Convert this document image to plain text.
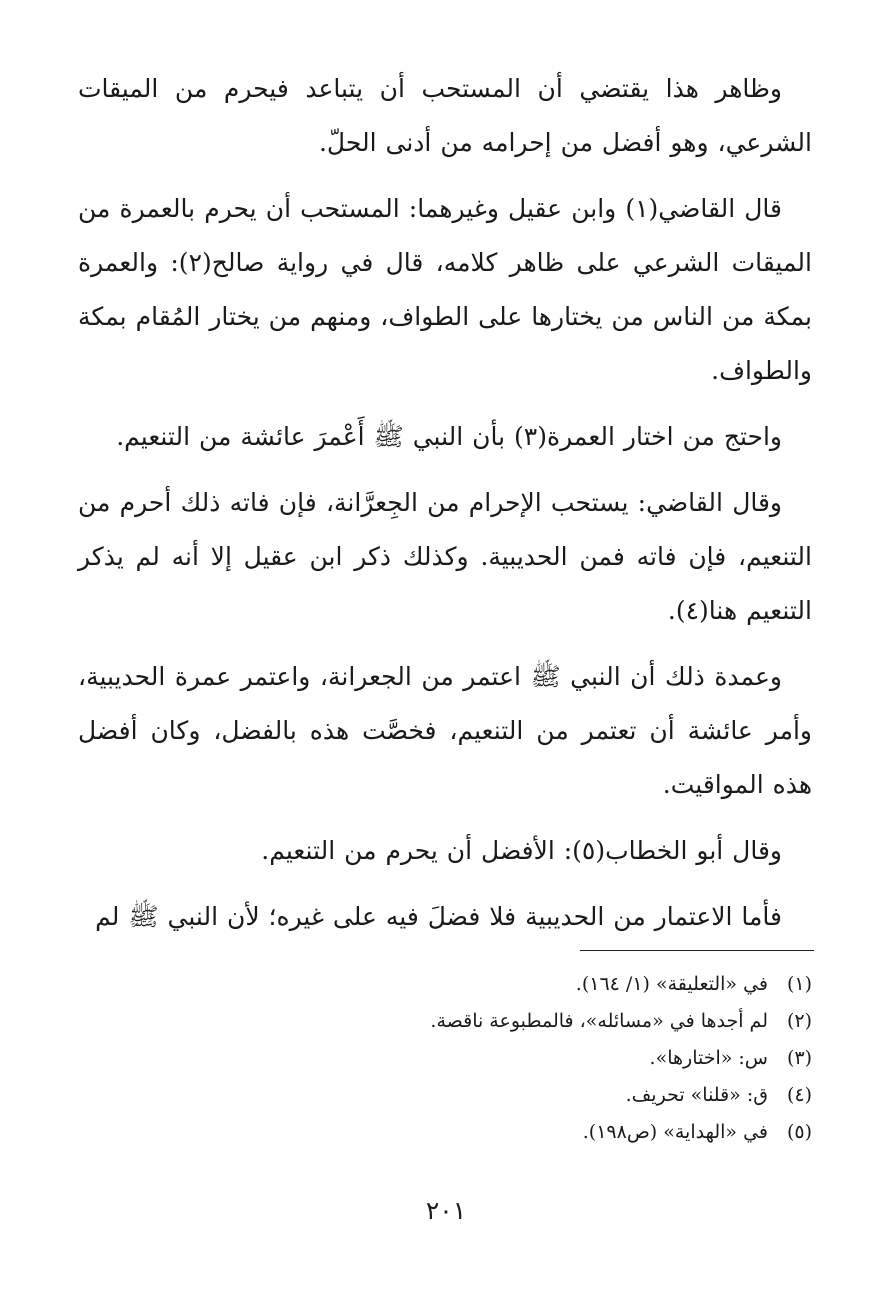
وظاهر هذا يقتضي أن المستحب أن يتباعد فيحرم من الميقات الشرعي، وهو أفضل من إحرامه من أدنى الحلّ.

قال القاضي(١) وابن عقيل وغيرهما: المستحب أن يحرم بالعمرة من الميقات الشرعي على ظاهر كلامه، قال في رواية صالح(٢): والعمرة بمكة من الناس من يختارها على الطواف، ومنهم من يختار المُقام بمكة والطواف.

واحتج من اختار العمرة(٣) بأن النبي ﷺ أَعْمرَ عائشة من التنعيم.

وقال القاضي: يستحب الإحرام من الجِعرَّانة، فإن فاته ذلك أحرم من التنعيم، فإن فاته فمن الحديبية. وكذلك ذكر ابن عقيل إلا أنه لم يذكر التنعيم هنا(٤).

وعمدة ذلك أن النبي ﷺ اعتمر من الجعرانة، واعتمر عمرة الحديبية، وأمر عائشة أن تعتمر من التنعيم، فخصَّت هذه بالفضل، وكان أفضل هذه المواقيت.

وقال أبو الخطاب(٥): الأفضل أن يحرم من التنعيم.

فأما الاعتمار من الحديبية فلا فضلَ فيه على غيره؛ لأن النبي ﷺ لم

(١)في «التعليقة» (١/ ١٦٤).

(٢)لم أجدها في «مسائله»، فالمطبوعة ناقصة.

(٣)س: «اختارها».

(٤)ق: «قلنا» تحريف.

(٥)في «الهداية» (ص١٩٨).

٢٠١
